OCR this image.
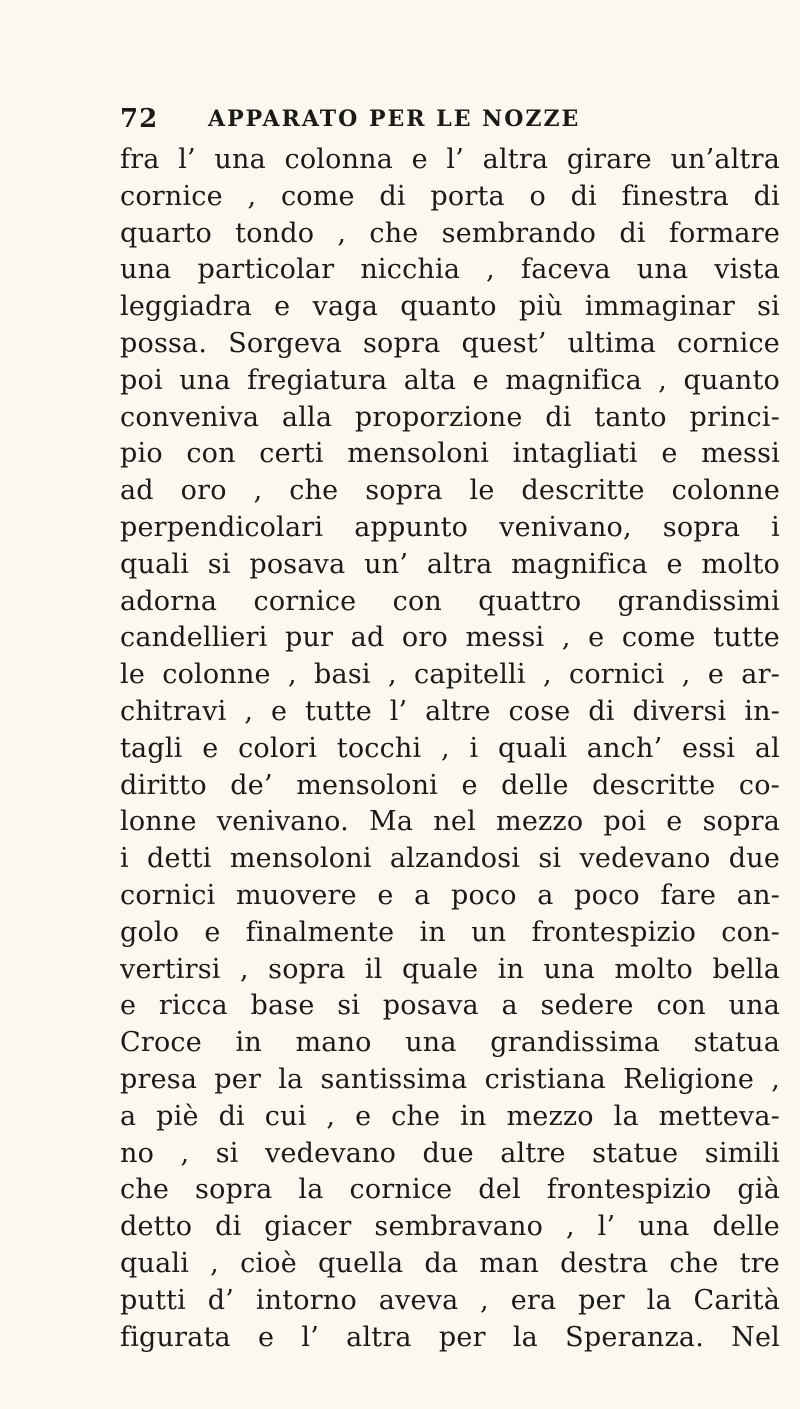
72 APPARATO PER LE NOZZE
fra l’ una colonna e l’ altra girare un’altra
cornice , come di porta o di finestra di
quarto tondo , che sembrando di formare
una particolar nicchia , faceva una vista
leggiadra e vaga quanto più immaginar si
possa. Sorgeva sopra quest’ ultima cornice
poi una fregiatura alta e magnifica , quanto
conveniva alla proporzione di tanto princi-
pio con certi mensoloni intagliati e messi
ad oro , che sopra le descritte colonne
perpendicolari appunto venivano, sopra i
quali si posava un’ altra magnifica e molto
adorna cornice con quattro grandissimi
candellieri pur ad oro messi , e come tutte
le colonne , basi , capitelli , cornici , e ar-
chitravi , e tutte l’ altre cose di diversi in-
tagli e colori tocchi , i quali anch’ essi al
diritto de’ mensoloni e delle descritte co-
lonne venivano. Ma nel mezzo poi e sopra
i detti mensoloni alzandosi si vedevano due
cornici muovere e a poco a poco fare an-
golo e finalmente in un frontespizio con-
vertirsi , sopra il quale in una molto bella
e ricca base si posava a sedere con una
Croce in mano una grandissima statua
presa per la santissima cristiana Religione ,
a piè di cui , e che in mezzo la metteva-
no , si vedevano due altre statue simili
che sopra la cornice del frontespizio già
detto di giacer sembravano , l’ una delle
quali , cioè quella da man destra che tre
putti d’ intorno aveva , era per la Carità
figurata e l’ altra per la Speranza. Nel
